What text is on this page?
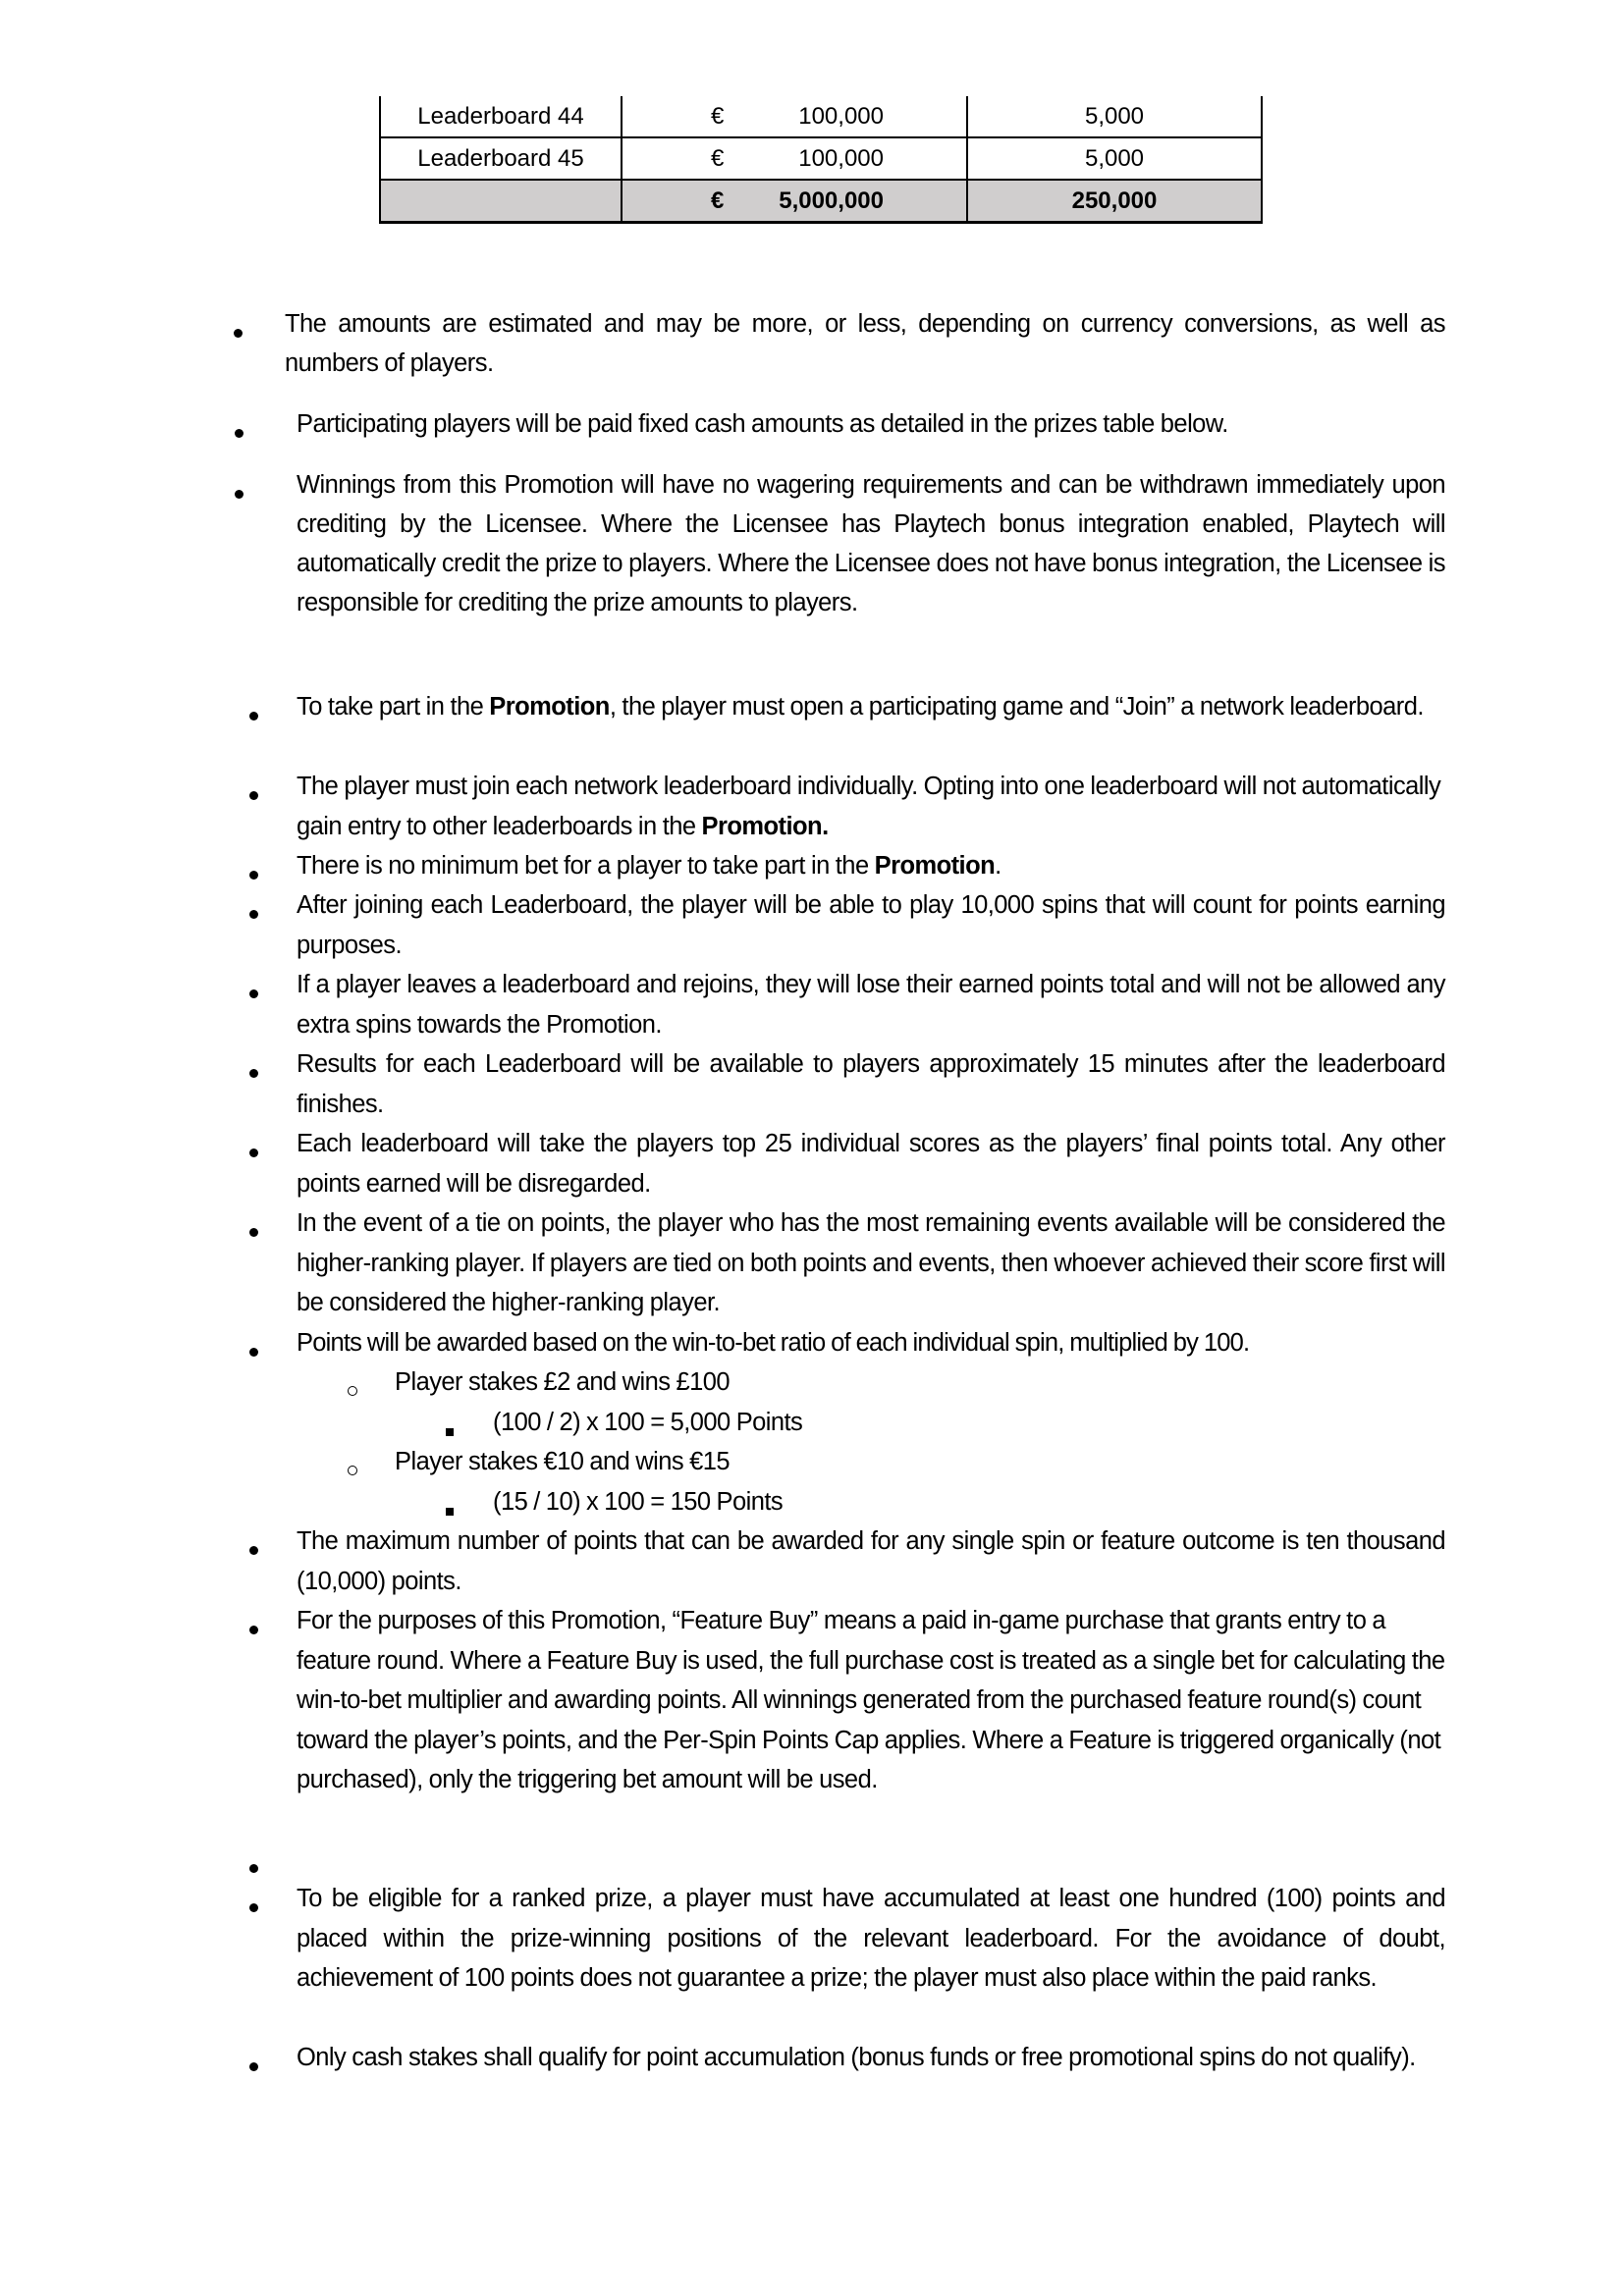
Leaderboard 44	€ 100,000	5,000
Leaderboard 45	€ 100,000	5,000

	€ 5,000,000	250,000
The amounts are estimated and may be more, or less, depending on currency conversions, as well as numbers of players.
Participating players will be paid fixed cash amounts as detailed in the prizes table below.
Winnings from this Promotion will have no wagering requirements and can be withdrawn immediately upon crediting by the Licensee. Where the Licensee has Playtech bonus integration enabled, Playtech will automatically credit the prize to players. Where the Licensee does not have bonus integration, the Licensee is responsible for crediting the prize amounts to players.
To take part in the Promotion, the player must open a participating game and “Join” a network leaderboard.
The player must join each network leaderboard individually. Opting into one leaderboard will not automatically gain entry to other leaderboards in the Promotion.
There is no minimum bet for a player to take part in the Promotion.
After joining each Leaderboard, the player will be able to play 10,000 spins that will count for points earning purposes.
If a player leaves a leaderboard and rejoins, they will lose their earned points total and will not be allowed any extra spins towards the Promotion.
Results for each Leaderboard will be available to players approximately 15 minutes after the leaderboard finishes.
Each leaderboard will take the players top 25 individual scores as the players’ final points total. Any other points earned will be disregarded.
In the event of a tie on points, the player who has the most remaining events available will be considered the higher-ranking player. If players are tied on both points and events, then whoever achieved their score first will be considered the higher-ranking player.
Points will be awarded based on the win-to-bet ratio of each individual spin, multiplied by 100.
Player stakes £2 and wins £100
(100 / 2) x 100 = 5,000 Points
Player stakes €10 and wins €15
(15 / 10) x 100 = 150 Points
The maximum number of points that can be awarded for any single spin or feature outcome is ten thousand (10,000) points.
For the purposes of this Promotion, “Feature Buy” means a paid in-game purchase that grants entry to a feature round. Where a Feature Buy is used, the full purchase cost is treated as a single bet for calculating the win-to-bet multiplier and awarding points. All winnings generated from the purchased feature round(s) count toward the player’s points, and the Per-Spin Points Cap applies. Where a Feature is triggered organically (not purchased), only the triggering bet amount will be used.
To be eligible for a ranked prize, a player must have accumulated at least one hundred (100) points and placed within the prize-winning positions of the relevant leaderboard. For the avoidance of doubt, achievement of 100 points does not guarantee a prize; the player must also place within the paid ranks.
Only cash stakes shall qualify for point accumulation (bonus funds or free promotional spins do not qualify).
